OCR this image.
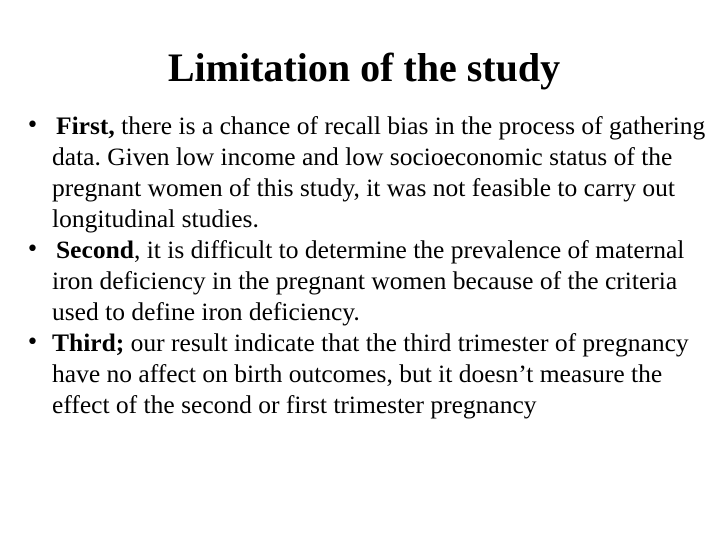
Limitation of the study
• First, there is a chance of recall bias in the process of gathering data. Given low income and low socioeconomic status of the pregnant women of this study, it was not feasible to carry out longitudinal studies.
• Second, it is difficult to determine the prevalence of maternal iron deficiency in the pregnant women because of the criteria used to define iron deficiency.
• Third; our result indicate that the third trimester of pregnancy have no affect on birth outcomes, but it doesn’t measure the effect of the second or first trimester pregnancy
